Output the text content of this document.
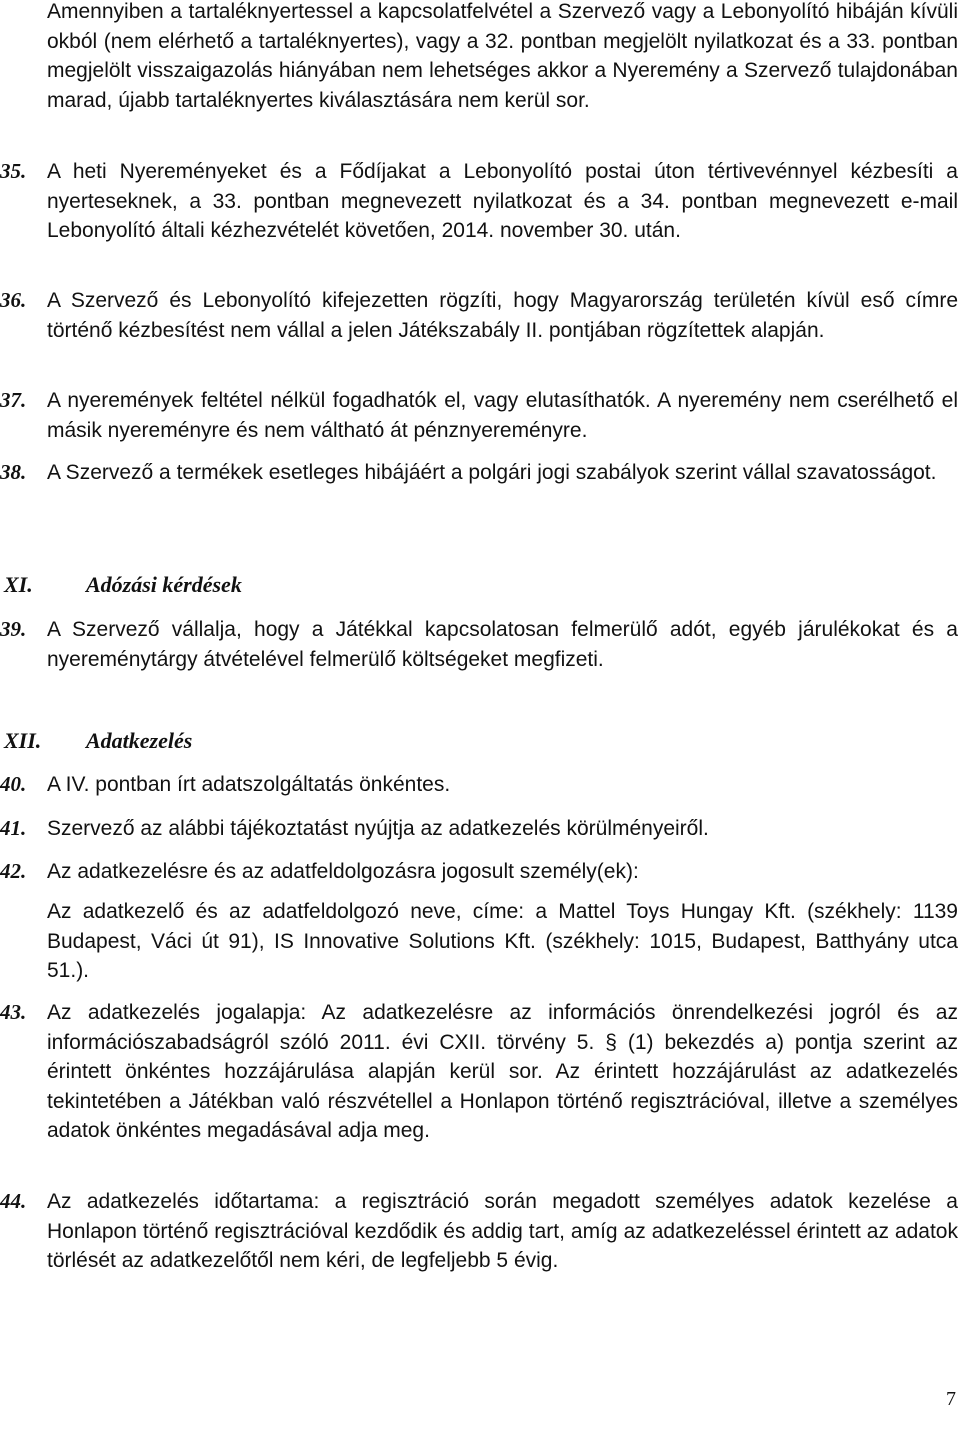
Amennyiben a tartaléknyertessel a kapcsolatfelvétel a Szervező vagy a Lebonyolító hibáján kívüli okból (nem elérhető a tartaléknyertes), vagy a 32. pontban megjelölt nyilatkozat és a 33. pontban megjelölt visszaigazolás hiányában nem lehetséges akkor a Nyeremény a Szervező tulajdonában marad, újabb tartaléknyertes kiválasztására nem kerül sor.

35. A heti Nyereményeket és a Fődíjakat a Lebonyolító postai úton tértivevénnyel kézbesíti a nyerteseknek, a 33. pontban megnevezett nyilatkozat és a 34. pontban megnevezett e-mail Lebonyolító általi kézhezvételét követően, 2014. november 30. után.
36. A Szervező és Lebonyolító kifejezetten rögzíti, hogy Magyarország területén kívül eső címre történő kézbesítést nem vállal a jelen Játékszabály II. pontjában rögzítettek alapján.
37. A nyeremények feltétel nélkül fogadhatók el, vagy elutasíthatók. A nyeremény nem cserélhető el másik nyereményre és nem váltható át pénznyereményre.
38. A Szervező a termékek esetleges hibájáért a polgári jogi szabályok szerint vállal szavatosságot.
XI. Adózási kérdések
39. A Szervező vállalja, hogy a Játékkal kapcsolatosan felmerülő adót, egyéb járulékokat és a nyereménytárgy átvételével felmerülő költségeket megfizeti.
XII. Adatkezelés
40. A IV. pontban írt adatszolgáltatás önkéntes.
41. Szervező az alábbi tájékoztatást nyújtja az adatkezelés körülményeiről.
42. Az adatkezelésre és az adatfeldolgozásra jogosult személy(ek):

Az adatkezelő és az adatfeldolgozó neve, címe: a Mattel Toys Hungay Kft. (székhely: 1139 Budapest, Váci út 91), IS Innovative Solutions Kft. (székhely: 1015, Budapest, Batthyány utca 51.).

43. Az adatkezelés jogalapja: Az adatkezelésre az információs önrendelkezési jogról és az információszabadságról szóló 2011. évi CXII. törvény 5. § (1) bekezdés a) pontja szerint az érintett önkéntes hozzájárulása alapján kerül sor. Az érintett hozzájárulást az adatkezelés tekintetében a Játékban való részvétellel a Honlapon történő regisztrációval, illetve a személyes adatok önkéntes megadásával adja meg.
44. Az adatkezelés időtartama: a regisztráció során megadott személyes adatok kezelése a Honlapon történő regisztrációval kezdődik és addig tart, amíg az adatkezeléssel érintett az adatok törlését az adatkezelőtől nem kéri, de legfeljebb 5 évig.
7
